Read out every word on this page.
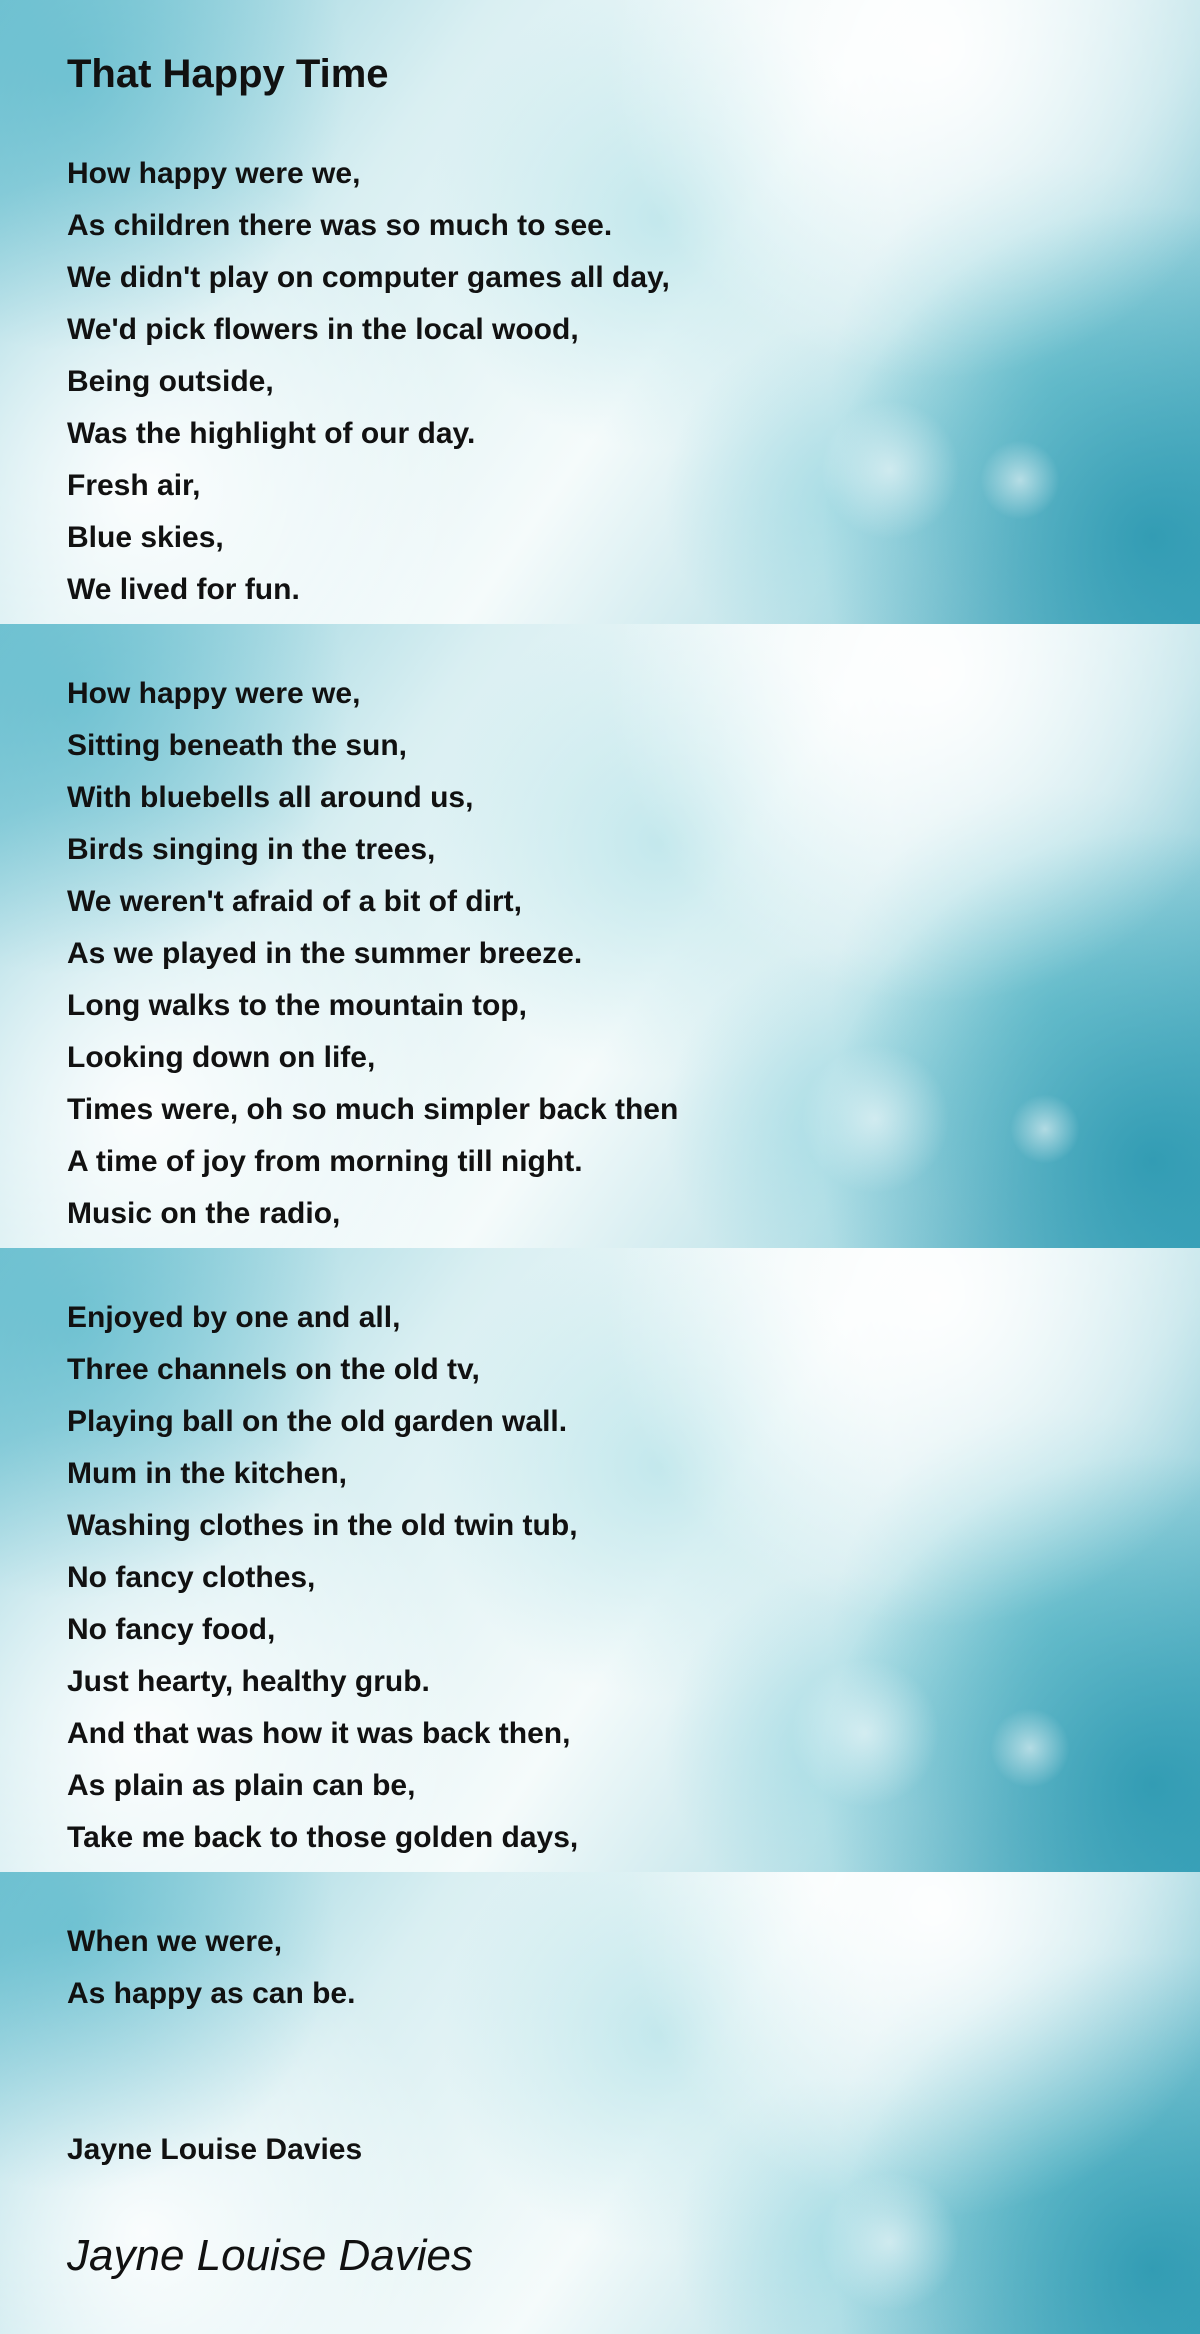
That Happy Time
How happy were we,
As children there was so much to see.
We didn't play on computer games all day,
We'd pick flowers in the local wood,
Being outside,
Was the highlight of our day.
Fresh air,
Blue skies,
We lived for fun.
How happy were we,
Sitting beneath the sun,
With bluebells all around us,
Birds singing in the trees,
We weren't afraid of a bit of dirt,
As we played in the summer breeze.
Long walks to the mountain top,
Looking down on life,
Times were, oh so much simpler back then
A time of joy from morning till night.
Music on the radio,
Enjoyed by one and all,
Three channels on the old tv,
Playing ball on the old garden wall.
Mum in the kitchen,
Washing clothes in the old twin tub,
No fancy clothes,
No fancy food,
Just hearty, healthy grub.
And that was how it was back then,
As plain as plain can be,
Take me back to those golden days,
When we were,
As happy as can be.
Jayne Louise Davies
Jayne Louise Davies
